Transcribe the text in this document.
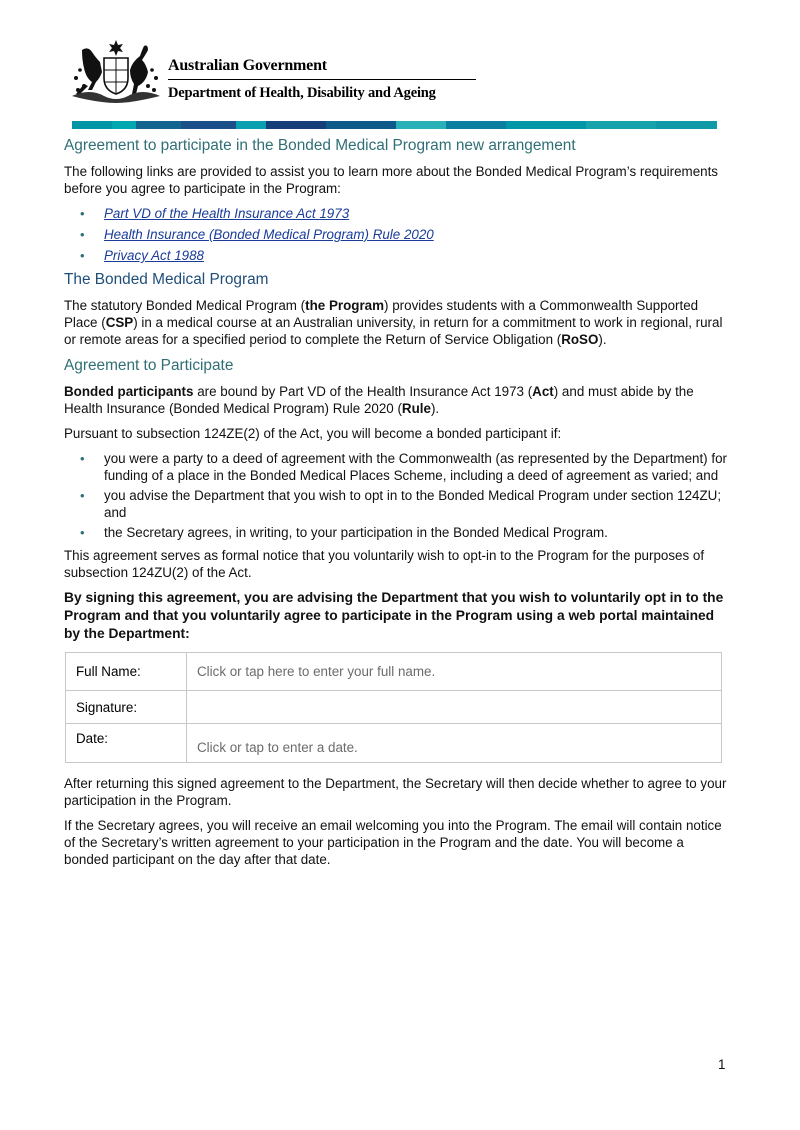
Australian Government
Department of Health, Disability and Ageing
Agreement to participate in the Bonded Medical Program new arrangement

The following links are provided to assist you to learn more about the Bonded Medical Program’s requirements before you agree to participate in the Program:

• Part VD of the Health Insurance Act 1973
• Health Insurance (Bonded Medical Program) Rule 2020
• Privacy Act 1988
The Bonded Medical Program

The statutory Bonded Medical Program (the Program) provides students with a Commonwealth Supported Place (CSP) in a medical course at an Australian university, in return for a commitment to work in regional, rural or remote areas for a specified period to complete the Return of Service Obligation (RoSO).

Agreement to Participate

Bonded participants are bound by Part VD of the Health Insurance Act 1973 (Act) and must abide by the Health Insurance (Bonded Medical Program) Rule 2020 (Rule).

Pursuant to subsection 124ZE(2) of the Act, you will become a bonded participant if:

• you were a party to a deed of agreement with the Commonwealth (as represented by the Department) for funding of a place in the Bonded Medical Places Scheme, including a deed of agreement as varied; and
• you advise the Department that you wish to opt in to the Bonded Medical Program under section 124ZU; and
• the Secretary agrees, in writing, to your participation in the Bonded Medical Program.

This agreement serves as formal notice that you voluntarily wish to opt-in to the Program for the purposes of subsection 124ZU(2) of the Act.

By signing this agreement, you are advising the Department that you wish to voluntarily opt in to the Program and that you voluntarily agree to participate in the Program using a web portal maintained by the Department:

Full Name:	Click or tap here to enter your full name.
Signature:	
Date:	Click or tap to enter a date.

After returning this signed agreement to the Department, the Secretary will then decide whether to agree to your participation in the Program.

If the Secretary agrees, you will receive an email welcoming you into the Program. The email will contain notice of the Secretary’s written agreement to your participation in the Program and the date. You will become a bonded participant on the day after that date.

1
